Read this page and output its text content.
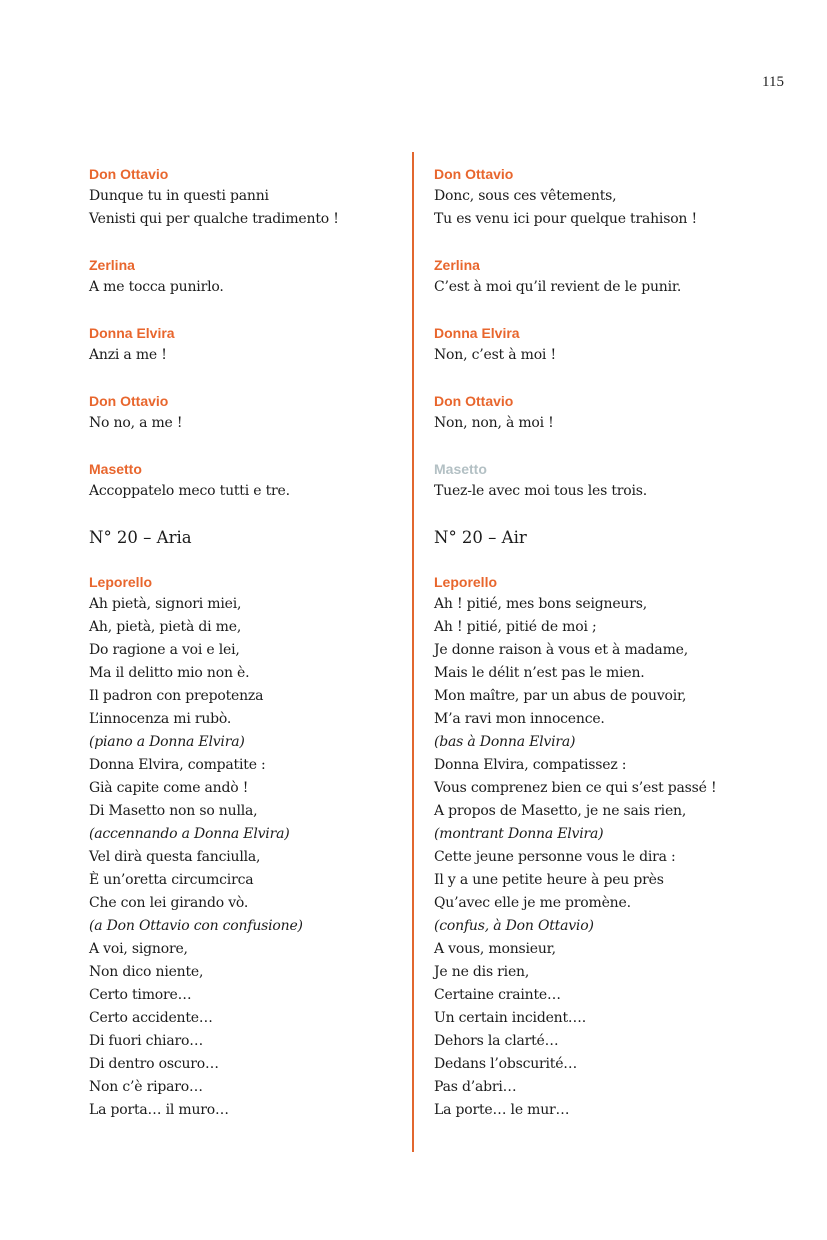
115
Don Ottavio
Dunque tu in questi panni
Venisti qui per qualche tradimento !
Zerlina
A me tocca punirlo.
Donna Elvira
Anzi a me !
Don Ottavio
No no, a me !
Masetto
Accoppatelo meco tutti e tre.
N° 20 – Aria
Leporello
Ah pietà, signori miei,
Ah, pietà, pietà di me,
Do ragione a voi e lei,
Ma il delitto mio non è.
Il padron con prepotenza
L’innocenza mi rubò.
(piano a Donna Elvira)
Donna Elvira, compatite :
Già capite come andò !
Di Masetto non so nulla,
(accennando a Donna Elvira)
Vel dirà questa fanciulla,
È un’oretta circumcirca
Che con lei girando vò.
(a Don Ottavio con confusione)
A voi, signore,
Non dico niente,
Certo timore…
Certo accidente…
Di fuori chiaro…
Di dentro oscuro…
Non c’è riparo…
La porta… il muro…
Don Ottavio
Donc, sous ces vêtements,
Tu es venu ici pour quelque trahison !
Zerlina
C’est à moi qu’il revient de le punir.
Donna Elvira
Non, c’est à moi !
Don Ottavio
Non, non, à moi !
Masetto
Tuez-le avec moi tous les trois.
N° 20 – Air
Leporello
Ah ! pitié, mes bons seigneurs,
Ah ! pitié, pitié de moi ;
Je donne raison à vous et à madame,
Mais le délit n’est pas le mien.
Mon maître, par un abus de pouvoir,
M’a ravi mon innocence.
(bas à Donna Elvira)
Donna Elvira, compatissez :
Vous comprenez bien ce qui s’est passé !
A propos de Masetto, je ne sais rien,
(montrant Donna Elvira)
Cette jeune personne vous le dira :
Il y a une petite heure à peu près
Qu’avec elle je me promène.
(confus, à Don Ottavio)
A vous, monsieur,
Je ne dis rien,
Certaine crainte…
Un certain incident….
Dehors la clarté…
Dedans l’obscurité…
Pas d’abri…
La porte… le mur…
